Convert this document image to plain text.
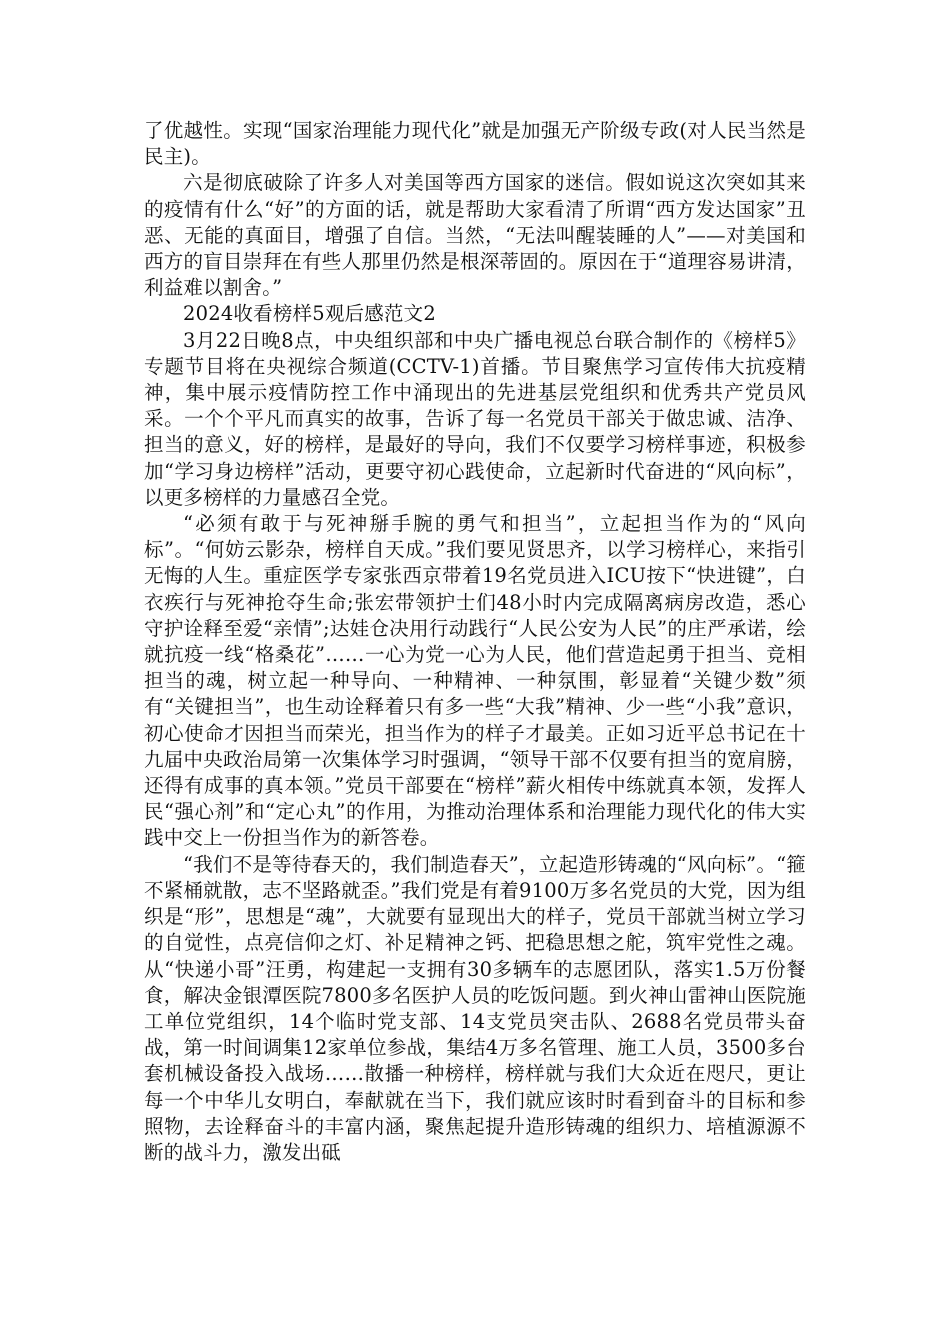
了优越性。实现“国家治理能力现代化”就是加强无产阶级专政(对人民当然是民主)。

六是彻底破除了许多人对美国等西方国家的迷信。假如说这次突如其来的疫情有什么“好”的方面的话，就是帮助大家看清了所谓“西方发达国家”丑恶、无能的真面目，增强了自信。当然，“无法叫醒装睡的人”——对美国和西方的盲目崇拜在有些人那里仍然是根深蒂固的。原因在于“道理容易讲清，利益难以割舍。”

2024收看榜样5观后感范文2

3月22日晚8点，中央组织部和中央广播电视总台联合制作的《榜样5》专题节目将在央视综合频道(CCTV-1)首播。节目聚焦学习宣传伟大抗疫精神，集中展示疫情防控工作中涌现出的先进基层党组织和优秀共产党员风采。一个个平凡而真实的故事，告诉了每一名党员干部关于做忠诚、洁净、担当的意义，好的榜样，是最好的导向，我们不仅要学习榜样事迹，积极参加“学习身边榜样”活动，更要守初心践使命，立起新时代奋进的“风向标”，以更多榜样的力量感召全党。

“必须有敢于与死神掰手腕的勇气和担当”，立起担当作为的“风向标”。“何妨云影杂，榜样自天成。”我们要见贤思齐，以学习榜样心，来指引无悔的人生。重症医学专家张西京带着19名党员进入ICU按下“快进键”，白衣疾行与死神抢夺生命;张宏带领护士们48小时内完成隔离病房改造，悉心守护诠释至爱“亲情”;达娃仓决用行动践行“人民公安为人民”的庄严承诺，绘就抗疫一线“格桑花”……一心为党一心为人民，他们营造起勇于担当、竞相担当的魂，树立起一种导向、一种精神、一种氛围，彰显着“关键少数”须有“关键担当”，也生动诠释着只有多一些“大我”精神、少一些“小我”意识，初心使命才因担当而荣光，担当作为的样子才最美。正如习近平总书记在十九届中央政治局第一次集体学习时强调，“领导干部不仅要有担当的宽肩膀，还得有成事的真本领。”党员干部要在“榜样”薪火相传中练就真本领，发挥人民“强心剂”和“定心丸”的作用，为推动治理体系和治理能力现代化的伟大实践中交上一份担当作为的新答卷。

“我们不是等待春天的，我们制造春天”，立起造形铸魂的“风向标”。“箍不紧桶就散，志不坚路就歪。”我们党是有着9100万多名党员的大党，因为组织是“形”，思想是“魂”，大就要有显现出大的样子，党员干部就当树立学习的自觉性，点亮信仰之灯、补足精神之钙、把稳思想之舵，筑牢党性之魂。从“快递小哥”汪勇，构建起一支拥有30多辆车的志愿团队，落实1.5万份餐食，解决金银潭医院7800多名医护人员的吃饭问题。到火神山雷神山医院施工单位党组织，14个临时党支部、14支党员突击队、2688名党员带头奋战，第一时间调集12家单位参战，集结4万多名管理、施工人员，3500多台套机械设备投入战场……散播一种榜样，榜样就与我们大众近在咫尺，更让每一个中华儿女明白，奉献就在当下，我们就应该时时看到奋斗的目标和参照物，去诠释奋斗的丰富内涵，聚焦起提升造形铸魂的组织力、培植源源不断的战斗力，激发出砥
